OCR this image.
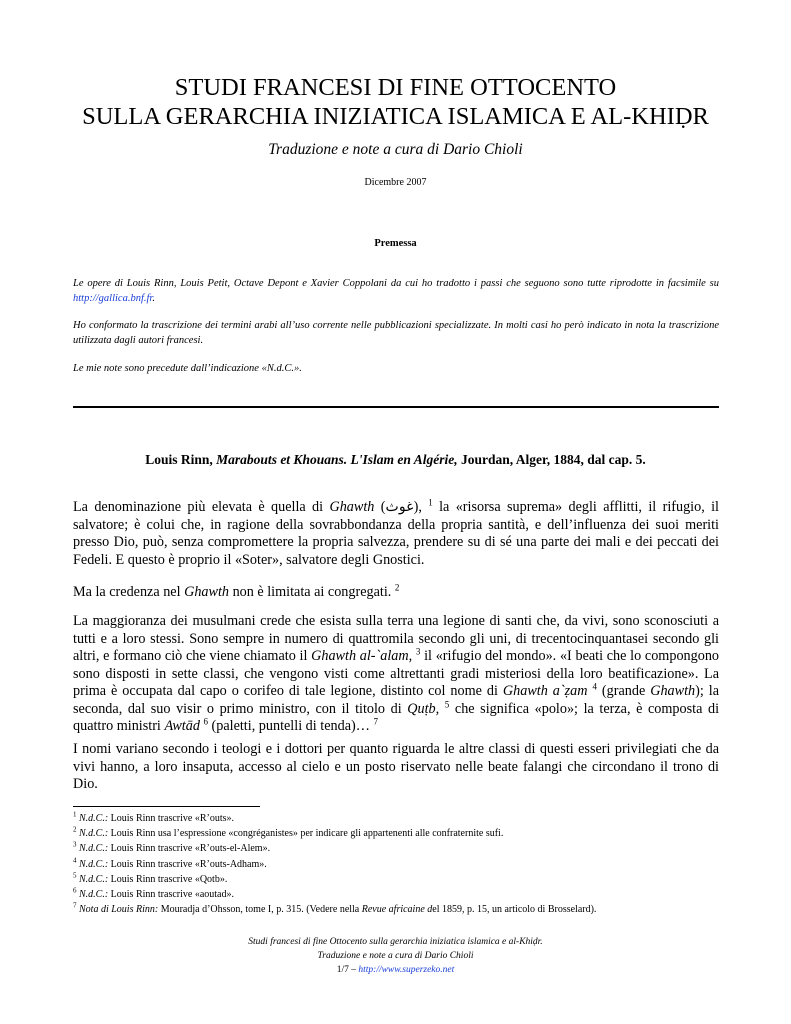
STUDI FRANCESI DI FINE OTTOCENTO
SULLA GERARCHIA INIZIATICA ISLAMICA E AL-KHIḌR
Traduzione e note a cura di Dario Chioli
Dicembre 2007
Premessa

Le opere di Louis Rinn, Louis Petit, Octave Depont e Xavier Coppolani da cui ho tradotto i passi che seguono sono tutte riprodotte in facsimile su http://gallica.bnf.fr.

Ho conformato la trascrizione dei termini arabi all’uso corrente nelle pubblicazioni specializzate. In molti casi ho però indicato in nota la trascrizione utilizzata dagli autori francesi.

Le mie note sono precedute dall’indicazione «N.d.C.».

Louis Rinn, Marabouts et Khouans. L'Islam en Algérie, Jourdan, Alger, 1884, dal cap. 5.

La denominazione più elevata è quella di Ghawth (غوث), $^1$ la «risorsa suprema» degli afflitti, il rifugio, il salvatore; è colui che, in ragione della sovrabbondanza della propria santità, e dell’influenza dei suoi meriti presso Dio, può, senza compromettere la propria salvezza, prendere su di sé una parte dei mali e dei peccati dei Fedeli. E questo è proprio il «Soter», salvatore degli Gnostici.

Ma la credenza nel Ghawth non è limitata ai congregati. $^2$

La maggioranza dei musulmani crede che esista sulla terra una legione di santi che, da vivi, sono sconosciuti a tutti e a loro stessi. Sono sempre in numero di quattromila secondo gli uni, di trecentocinquantasei secondo gli altri, e formano ciò che viene chiamato il Ghawth al-`alam, $^3$ il «rifugio del mondo». «I beati che lo compongono sono disposti in sette classi, che vengono visti come altrettanti gradi misteriosi della loro beatificazione». La prima è occupata dal capo o corifeo di tale legione, distinto col nome di Ghawth a`ẓam $^4$ (grande Ghawth); la seconda, dal suo visir o primo ministro, con il titolo di Quṭb, $^5$ che significa «polo»; la terza, è composta di quattro ministri Awtād $^6$ (paletti, puntelli di tenda)… $^7$

I nomi variano secondo i teologi e i dottori per quanto riguarda le altre classi di questi esseri privilegiati che da vivi hanno, a loro insaputa, accesso al cielo e un posto riservato nelle beate falangi che circondano il trono di Dio.

$^1$ N.d.C.: Louis Rinn trascrive «R’outs».

$^2$ N.d.C.: Louis Rinn usa l’espressione «congréganistes» per indicare gli appartenenti alle confraternite sufi.

$^3$ N.d.C.: Louis Rinn trascrive «R’outs-el-Alem».

$^4$ N.d.C.: Louis Rinn trascrive «R’outs-Adham».

$^5$ N.d.C.: Louis Rinn trascrive «Qotb».

$^6$ N.d.C.: Louis Rinn trascrive «aoutad».

$^7$ Nota di Louis Rinn: Mouradja d’Ohsson, tome I, p. 315. (Vedere nella Revue africaine del 1859, p. 15, un articolo di Brosselard).

Studi francesi di fine Ottocento sulla gerarchia iniziatica islamica e al-Khiḍr.
Traduzione e note a cura di Dario Chioli
1/7 – http://www.superzeko.net
